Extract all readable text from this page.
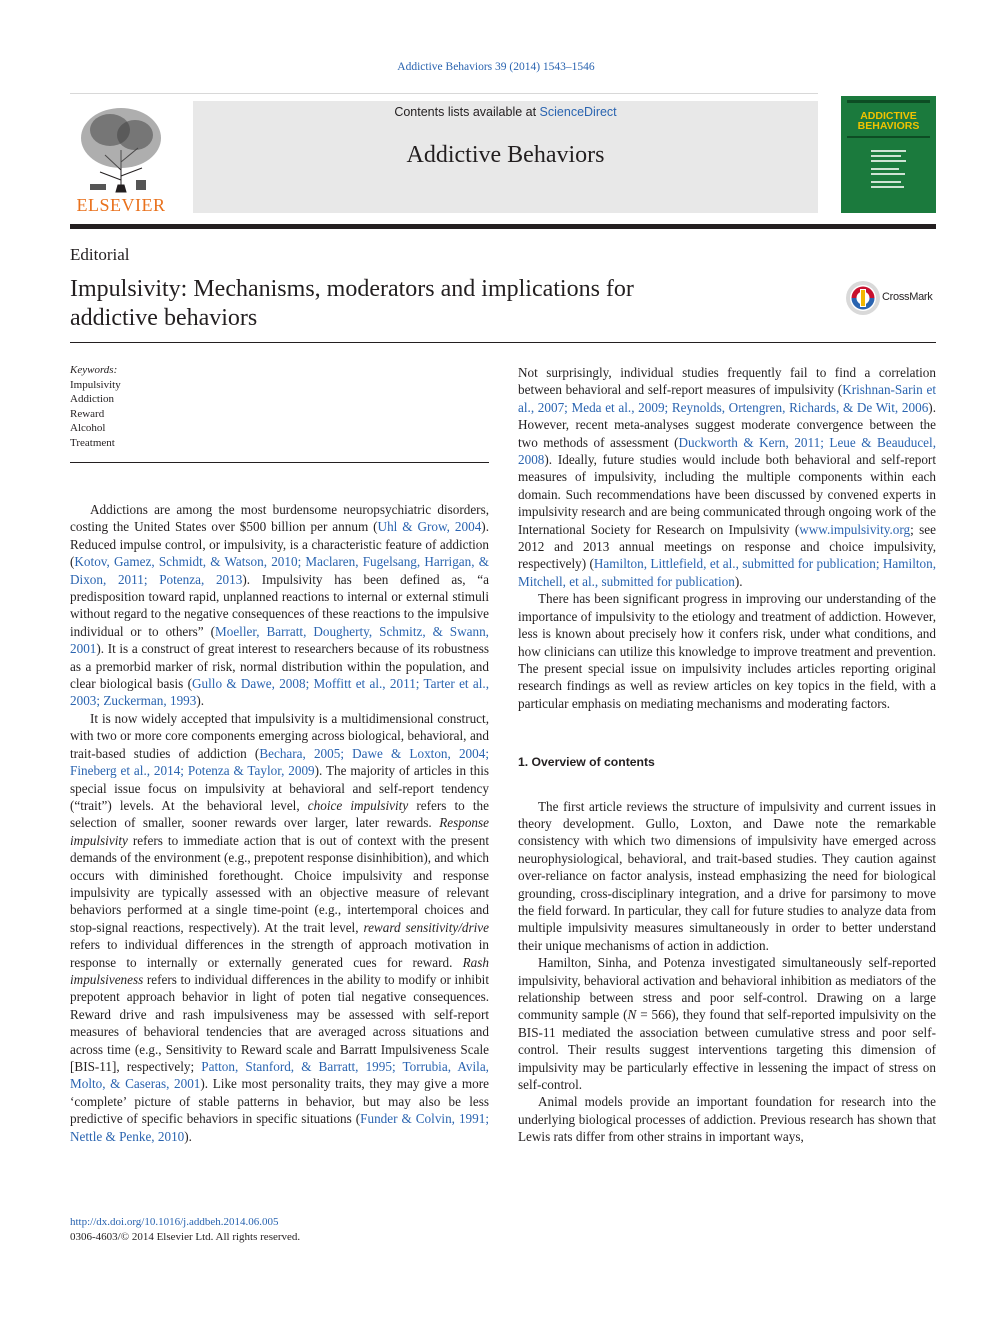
Addictive Behaviors 39 (2014) 1543–1546
ELSEVIER
Contents lists available at ScienceDirect
Addictive Behaviors
ADDICTIVE BEHAVIORS
Editorial
Impulsivity: Mechanisms, moderators and implications for addictive behaviors
CrossMark
Keywords:
Impulsivity
Addiction
Reward
Alcohol
Treatment

Addictions are among the most burdensome neuropsychiatric disorders, costing the United States over $500 billion per annum (Uhl & Grow, 2004). Reduced impulse control, or impulsivity, is a characteristic feature of addiction (Kotov, Gamez, Schmidt, & Watson, 2010; Maclaren, Fugelsang, Harrigan, & Dixon, 2011; Potenza, 2013). Impulsivity has been defined as, “a predisposition toward rapid, unplanned reactions to internal or external stimuli without regard to the negative consequences of these reactions to the impulsive individual or to others” (Moeller, Barratt, Dougherty, Schmitz, & Swann, 2001). It is a construct of great interest to researchers because of its robustness as a premorbid marker of risk, normal distribution within the population, and clear biological basis (Gullo & Dawe, 2008; Moffitt et al., 2011; Tarter et al., 2003; Zuckerman, 1993).

It is now widely accepted that impulsivity is a multidimensional construct, with two or more core components emerging across biological, behavioral, and trait-based studies of addiction (Bechara, 2005; Dawe & Loxton, 2004; Fineberg et al., 2014; Potenza & Taylor, 2009). The majority of articles in this special issue focus on impulsivity at behavioral and self-report tendency (“trait”) levels. At the behavioral level, choice impulsivity refers to the selection of smaller, sooner rewards over larger, later rewards. Response impulsivity refers to immediate action that is out of context with the present demands of the environment (e.g., prepotent response disinhibition), and which occurs with diminished forethought. Choice impulsivity and response impulsivity are typically assessed with an objective measure of relevant behaviors performed at a single time-point (e.g., intertemporal choices and stop-signal reactions, respectively). At the trait level, reward sensitivity/drive refers to individual differences in the strength of approach motivation in response to internally or externally generated cues for reward. Rash impulsiveness refers to individual differences in the ability to modify or inhibit prepotent approach behavior in light of poten tial negative consequences. Reward drive and rash impulsiveness may be assessed with self-report measures of behavioral tendencies that are averaged across situations and across time (e.g., Sensitivity to Reward scale and Barratt Impulsiveness Scale [BIS-11], respectively; Patton, Stanford, & Barratt, 1995; Torrubia, Avila, Moltо, & Caseras, 2001). Like most personality traits, they may give a more ‘complete’ picture of stable patterns in behavior, but may also be less predictive of specific behaviors in specific situations (Funder & Colvin, 1991; Nettle & Penke, 2010).

Not surprisingly, individual studies frequently fail to find a correlation between behavioral and self-report measures of impulsivity (Krishnan-Sarin et al., 2007; Meda et al., 2009; Reynolds, Ortengren, Richards, & De Wit, 2006). However, recent meta-analyses suggest moderate convergence between the two methods of assessment (Duckworth & Kern, 2011; Leue & Beauducel, 2008). Ideally, future studies would include both behavioral and self-report measures of impulsivity, including the multiple components within each domain. Such recommendations have been discussed by convened experts in impulsivity research and are being communicated through ongoing work of the International Society for Research on Impulsivity (www.impulsivity.org; see 2012 and 2013 annual meetings on response and choice impulsivity, respectively) (Hamilton, Littlefield, et al., submitted for publication; Hamilton, Mitchell, et al., submitted for publication).

There has been significant progress in improving our understanding of the importance of impulsivity to the etiology and treatment of addiction. However, less is known about precisely how it confers risk, under what conditions, and how clinicians can utilize this knowledge to improve treatment and prevention. The present special issue on impulsivity includes articles reporting original research findings as well as review articles on key topics in the field, with a particular emphasis on mediating mechanisms and moderating factors.

1. Overview of contents

The first article reviews the structure of impulsivity and current issues in theory development. Gullo, Loxton, and Dawe note the remarkable consistency with which two dimensions of impulsivity have emerged across neurophysiological, behavioral, and trait-based studies. They caution against over-reliance on factor analysis, instead emphasizing the need for biological grounding, cross-disciplinary integration, and a drive for parsimony to move the field forward. In particular, they call for future studies to analyze data from multiple impulsivity measures simultaneously in order to better understand their unique mechanisms of action in addiction.

Hamilton, Sinha, and Potenza investigated simultaneously self-reported impulsivity, behavioral activation and behavioral inhibition as mediators of the relationship between stress and poor self-control. Drawing on a large community sample (N = 566), they found that self-reported impulsivity on the BIS-11 mediated the association between cumulative stress and poor self-control. Their results suggest interventions targeting this dimension of impulsivity may be particularly effective in lessening the impact of stress on self-control.

Animal models provide an important foundation for research into the underlying biological processes of addiction. Previous research has shown that Lewis rats differ from other strains in important ways,

http://dx.doi.org/10.1016/j.addbeh.2014.06.005
0306-4603/© 2014 Elsevier Ltd. All rights reserved.
